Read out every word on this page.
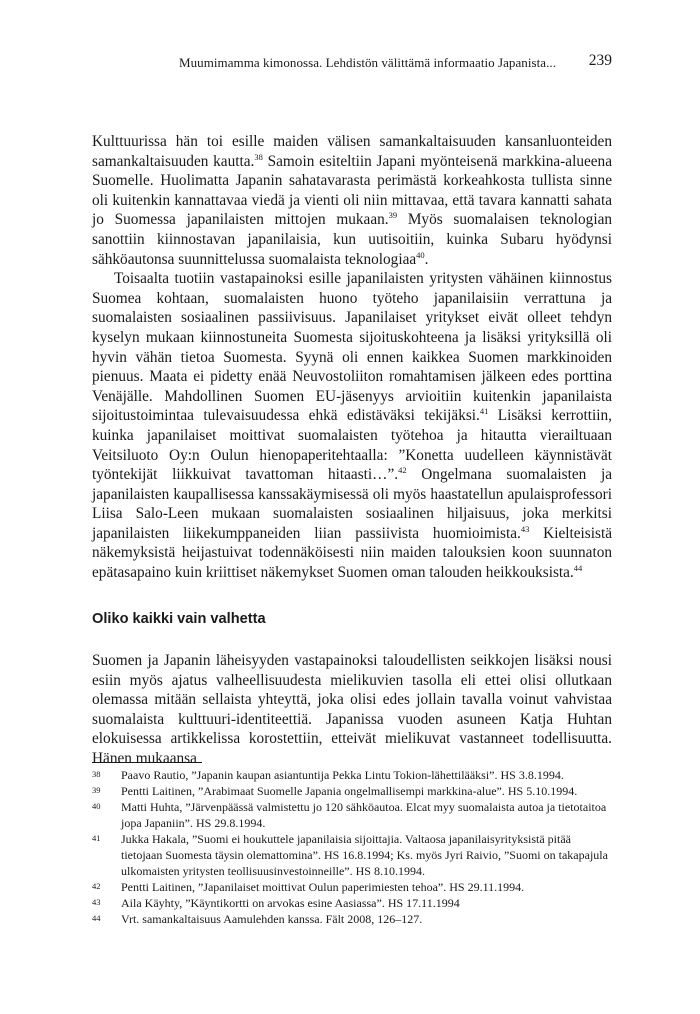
Muumimamma kimonossa. Lehdistön välittämä informaatio Japanista... 239

Kulttuurissa hän toi esille maiden välisen samankaltaisuuden kansanluonteiden samankaltaisuuden kautta.$^{38}$ Samoin esiteltiin Japani myönteisenä markkina-alueena Suomelle. Huolimatta Japanin sahatavarasta perimästä korkeahkosta tullista sinne oli kuitenkin kannattavaa viedä ja vienti oli niin mittavaa, että tavara kannatti sahata jo Suomessa japanilaisten mittojen mukaan.$^{39}$ Myös suomalaisen teknologian sanottiin kiinnostavan japanilaisia, kun uutisoitiin, kuinka Subaru hyödynsi sähköautonsa suunnittelussa suomalaista teknologiaa$^{40}$.

Toisaalta tuotiin vastapainoksi esille japanilaisten yritysten vähäinen kiinnostus Suomea kohtaan, suomalaisten huono työteho japanilaisiin verrattuna ja suomalaisten sosiaalinen passiivisuus. Japanilaiset yritykset eivät olleet tehdyn kyselyn mukaan kiinnostuneita Suomesta sijoituskohteena ja lisäksi yrityksillä oli hyvin vähän tietoa Suomesta. Syynä oli ennen kaikkea Suomen markkinoiden pienuus. Maata ei pidetty enää Neuvostoliiton romahtamisen jälkeen edes porttina Venäjälle. Mahdollinen Suomen EU-jäsenyys arvioitiin kuitenkin japanilaista sijoitustoimintaa tulevaisuudessa ehkä edistäväksi tekijäksi.$^{41}$ Lisäksi kerrottiin, kuinka japanilaiset moittivat suomalaisten työtehoa ja hitautta vierailtuaan Veitsiluoto Oy:n Oulun hienopaperitehtaalla: ”Konetta uudelleen käynnistävät työntekijät liikkuivat tavattoman hitaasti…”.$^{42}$ Ongelmana suomalaisten ja japanilaisten kaupallisessa kanssakäymisessä oli myös haastatellun apulaisprofessori Liisa Salo-Leen mukaan suomalaisten sosiaalinen hiljaisuus, joka merkitsi japanilaisten liikekumppaneiden liian passiivista huomioimista.$^{43}$ Kielteisistä näkemyksistä heijastuivat todennäköisesti niin maiden talouksien koon suunnaton epätasapaino kuin kriittiset näkemykset Suomen oman talouden heikkouksista.$^{44}$

Oliko kaikki vain valhetta

Suomen ja Japanin läheisyyden vastapainoksi taloudellisten seikkojen lisäksi nousi esiin myös ajatus valheellisuudesta mielikuvien tasolla eli ettei olisi ollutkaan olemassa mitään sellaista yhteyttä, joka olisi edes jollain tavalla voinut vahvistaa suomalaista kulttuuri-identiteettiä. Japanissa vuoden asuneen Katja Huhtan elokuisessa artikkelissa korostettiin, etteivät mielikuvat vastanneet todellisuutta. Hänen mukaansa

38	Paavo Rautio, ”Japanin kaupan asiantuntija Pekka Lintu Tokion-lähettilääksi”. HS 3.8.1994.
39	Pentti Laitinen, ”Arabimaat Suomelle Japania ongelmallisempi markkina-alue”. HS 5.10.1994.
40	Matti Huhta, ”Järvenpäässä valmistettu jo 120 sähköautoa. Elcat myy suomalaista autoa ja tietotaitoa jopa Japaniin”. HS 29.8.1994.
41	Jukka Hakala, ”Suomi ei houkuttele japanilaisia sijoittajia. Valtaosa japanilaisyrityksistä pitää tietojaan Suomesta täysin olemattomina”. HS 16.8.1994; Ks. myös Jyri Raivio, ”Suomi on takapajula ulkomaisten yritysten teollisuusinvestoinneille”. HS 8.10.1994.
42	Pentti Laitinen, ”Japanilaiset moittivat Oulun paperimiesten tehoa”. HS 29.11.1994.
43	Aila Käyhty, ”Käyntikortti on arvokas esine Aasiassa”. HS 17.11.1994
44	Vrt. samankaltaisuus Aamulehden kanssa. Fält 2008, 126–127.
